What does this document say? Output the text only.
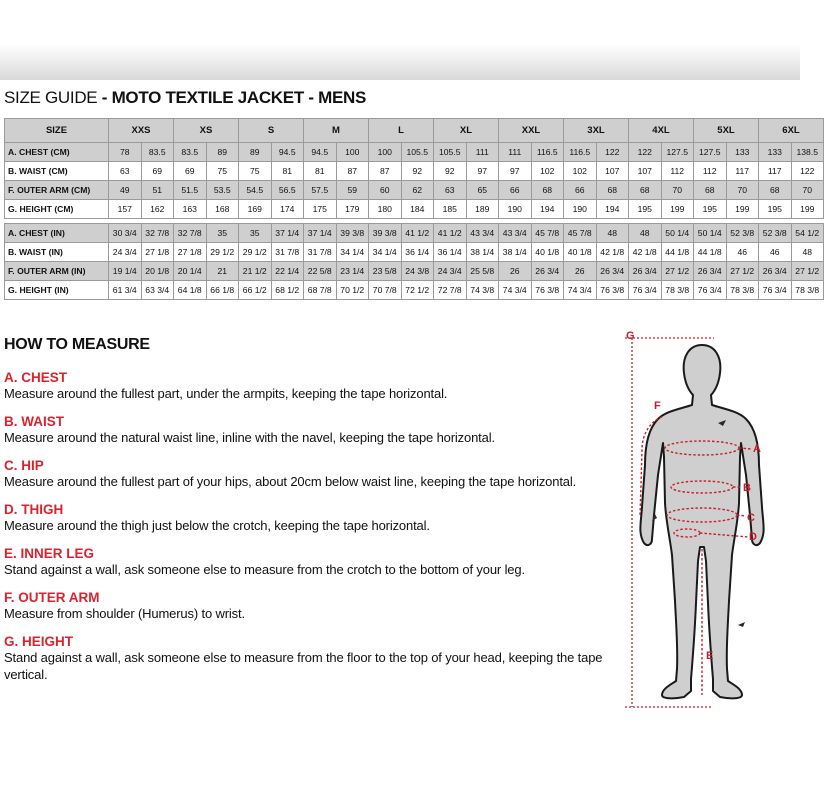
SIZE GUIDE - MOTO TEXTILE JACKET - MENS
SIZE	XXS		XS		S		M		L		XL		XXL		3XL		4XL		5XL		6XL	
A. CHEST (CM)	78	83.5	83.5	89	89	94.5	94.5	100	100	105.5	105.5	111	111	116.5	116.5	122	122	127.5	127.5	133	133	138.5
B. WAIST (CM)	63	69	69	75	75	81	81	87	87	92	92	97	97	102	102	107	107	112	112	117	117	122
F. OUTER ARM (CM)	49	51	51.5	53.5	54.5	56.5	57.5	59	60	62	63	65	66	68	66	68	68	70	68	70	68	70
G. HEIGHT (CM)	157	162	163	168	169	174	175	179	180	184	185	189	190	194	190	194	195	199	195	199	195	199

A. CHEST (IN)	30 3/4	32 7/8	32 7/8	35	35	37 1/4	37 1/4	39 3/8	39 3/8	41 1/2	41 1/2	43 3/4	43 3/4	45 7/8	45 7/8	48	48	50 1/4	50 1/4	52 3/8	52 3/8	54 1/2
B. WAIST (IN)	24 3/4	27 1/8	27 1/8	29 1/2	29 1/2	31 7/8	31 7/8	34 1/4	34 1/4	36 1/4	36 1/4	38 1/4	38 1/4	40 1/8	40 1/8	42 1/8	42 1/8	44 1/8	44 1/8	46	46	48
F. OUTER ARM (IN)	19 1/4	20 1/8	20 1/4	21	21 1/2	22 1/4	22 5/8	23 1/4	23 5/8	24 3/8	24 3/4	25 5/8	26	26 3/4	26	26 3/4	26 3/4	27 1/2	26 3/4	27 1/2	26 3/4	27 1/2
G. HEIGHT (IN)	61 3/4	63 3/4	64 1/8	66 1/8	66 1/2	68 1/2	68 7/8	70 1/2	70 7/8	72 1/2	72 7/8	74 3/8	74 3/4	76 3/8	74 3/4	76 3/8	76 3/4	78 3/8	76 3/4	78 3/8	76 3/4	78 3/8
HOW TO MEASURE
A. CHEST
Measure around the fullest part, under the armpits, keeping the tape horizontal.
B. WAIST
Measure around the natural waist line, inline with the navel, keeping the tape horizontal.
C. HIP
Measure around the fullest part of your hips, about 20cm below waist line, keeping the tape horizontal.
D. THIGH
Measure around the thigh just below the crotch, keeping the tape horizontal.
E. INNER LEG
Stand against a wall, ask someone else to measure from the crotch to the bottom of your leg.
F. OUTER ARM
Measure from shoulder (Humerus) to wrist.
G. HEIGHT
Stand against a wall, ask someone else to measure from the floor to the top of your head, keeping the tape vertical.
G
F
A
B
C
D
E
